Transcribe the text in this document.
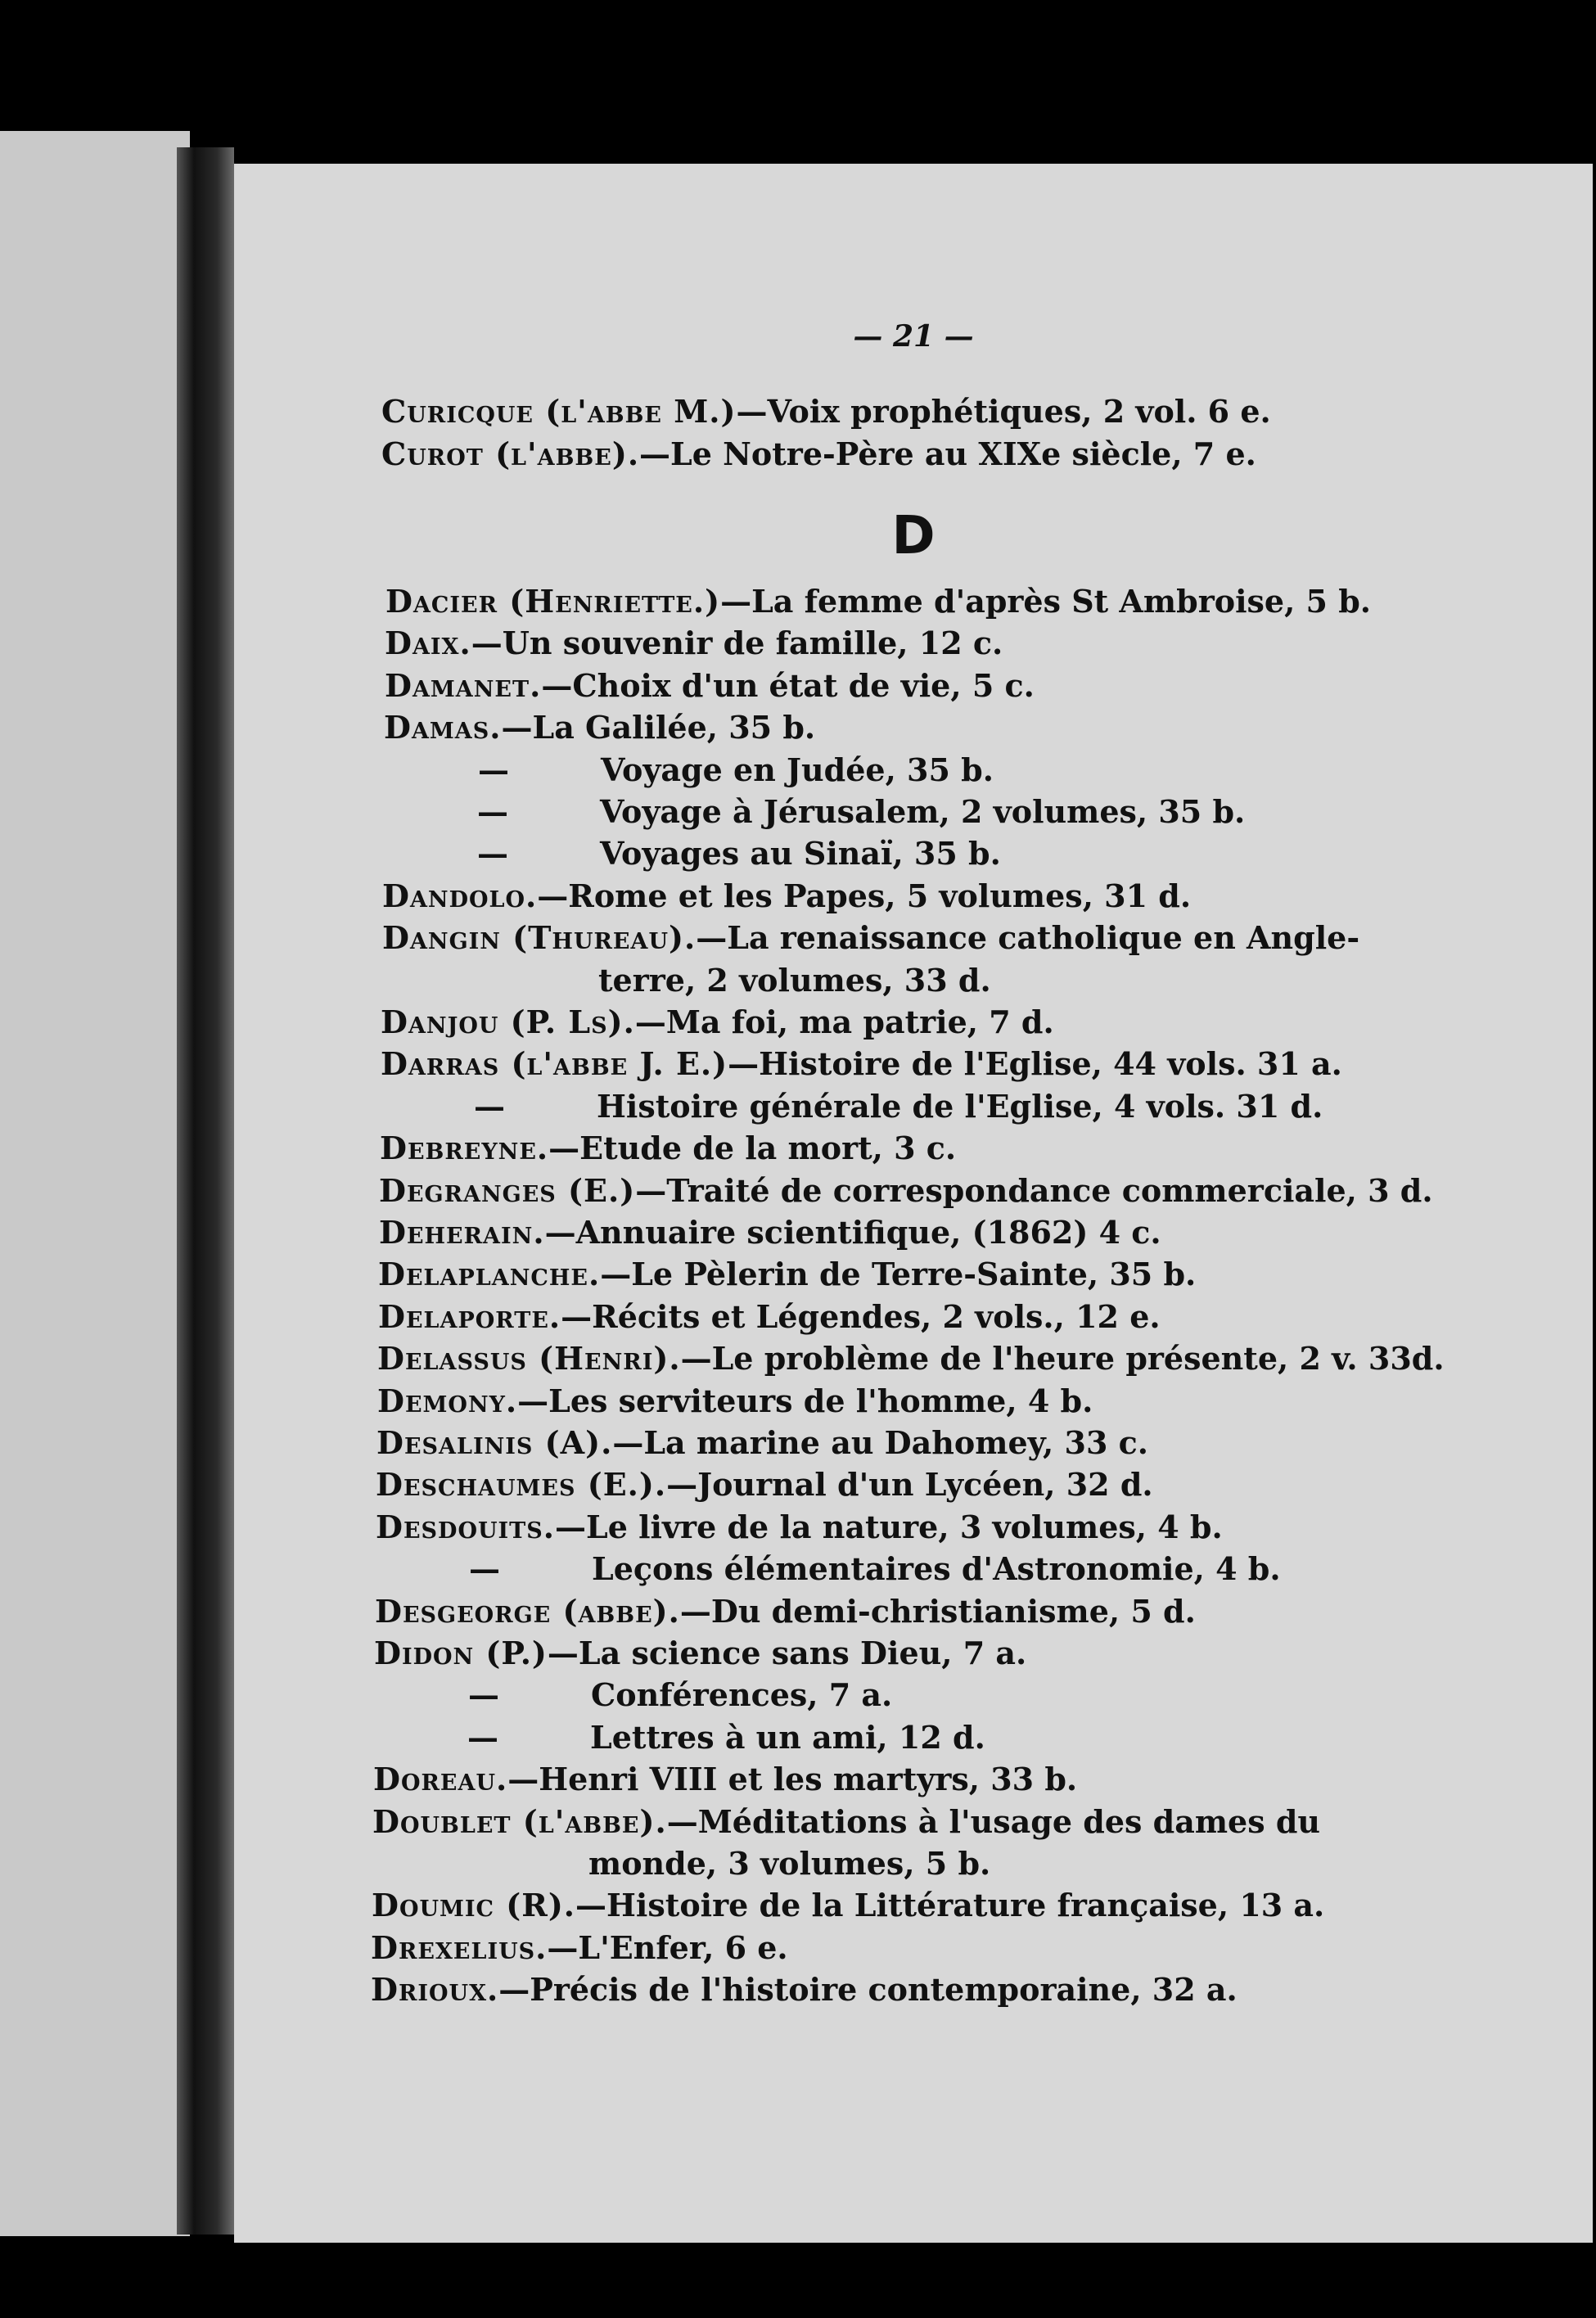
— 21 —
Curicque (l'abbe M.)—Voix prophétiques, 2 vol. 6 e.
Curot (l'abbe).—Le Notre-Père au XIXe siècle, 7 e.
D
Dacier (Henriette.)—La femme d'après St Ambroise, 5 b.
Daix.—Un souvenir de famille, 12 c.
Damanet.—Choix d'un état de vie, 5 c.
Damas.—La Galilée, 35 b.
—	Voyage en Judée, 35 b.
—	Voyage à Jérusalem, 2 volumes, 35 b.
—	Voyages au Sinaï, 35 b.
Dandolo.—Rome et les Papes, 5 volumes, 31 d.
Dangin (Thureau).—La renaissance catholique en Angle-
terre, 2 volumes, 33 d.
Danjou (P. Ls).—Ma foi, ma patrie, 7 d.
Darras (l'abbe J. E.)—Histoire de l'Eglise, 44 vols. 31 a.
—	Histoire générale de l'Eglise, 4 vols. 31 d.
Debreyne.—Etude de la mort, 3 c.
Degranges (E.)—Traité de correspondance commerciale, 3 d.
Deherain.—Annuaire scientifique, (1862) 4 c.
Delaplanche.—Le Pèlerin de Terre-Sainte, 35 b.
Delaporte.—Récits et Légendes, 2 vols., 12 e.
Delassus (Henri).—Le problème de l'heure présente, 2 v. 33d.
Demony.—Les serviteurs de l'homme, 4 b.
Desalinis (A).—La marine au Dahomey, 33 c.
Deschaumes (E.).—Journal d'un Lycéen, 32 d.
Desdouits.—Le livre de la nature, 3 volumes, 4 b.
—	Leçons élémentaires d'Astronomie, 4 b.
Desgeorge (abbe).—Du demi-christianisme, 5 d.
Didon (P.)—La science sans Dieu, 7 a.
—	Conférences, 7 a.
—	Lettres à un ami, 12 d.
Doreau.—Henri VIII et les martyrs, 33 b.
Doublet (l'abbe).—Méditations à l'usage des dames du
monde, 3 volumes, 5 b.
Doumic (R).—Histoire de la Littérature française, 13 a.
Drexelius.—L'Enfer, 6 e.
Drioux.—Précis de l'histoire contemporaine, 32 a.
